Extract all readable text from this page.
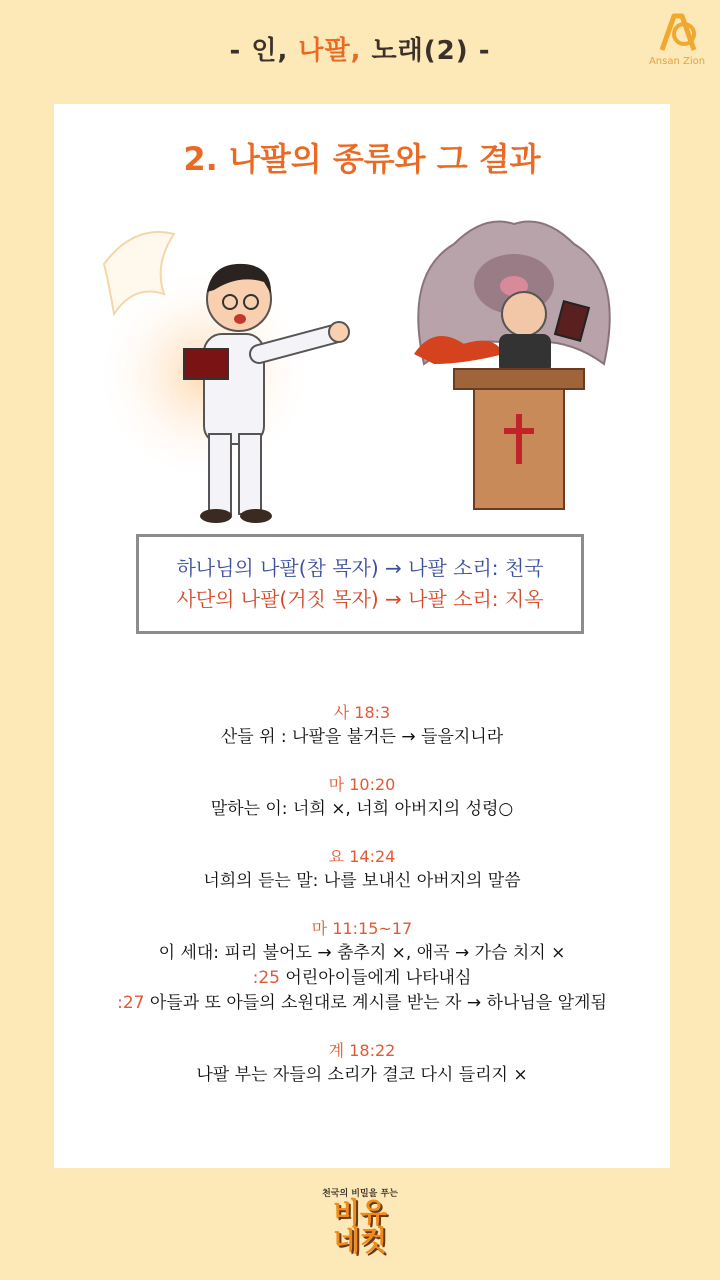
- 인, 나팔, 노래(2) -	Ansan Zion
2. 나팔의 종류와 그 결과
하나님의 나팔(참 목자) → 나팔 소리: 천국
사단의 나팔(거짓 목자) → 나팔 소리: 지옥
사 18:3
산들 위 : 나팔을 불거든 → 들을지니라
마 10:20
말하는 이: 너희 ×, 너희 아버지의 성령○
요 14:24
너희의 듣는 말: 나를 보내신 아버지의 말씀
마 11:15~17
이 세대: 피리 불어도 → 춤추지 ×, 애곡 → 가슴 치지 ×
:25 어린아이들에게 나타내심
:27 아들과 또 아들의 소원대로 계시를 받는 자 → 하나님을 알게됨
계 18:22
나팔 부는 자들의 소리가 결코 다시 들리지 ×
천국의 비밀을 푸는
비유
네컷
